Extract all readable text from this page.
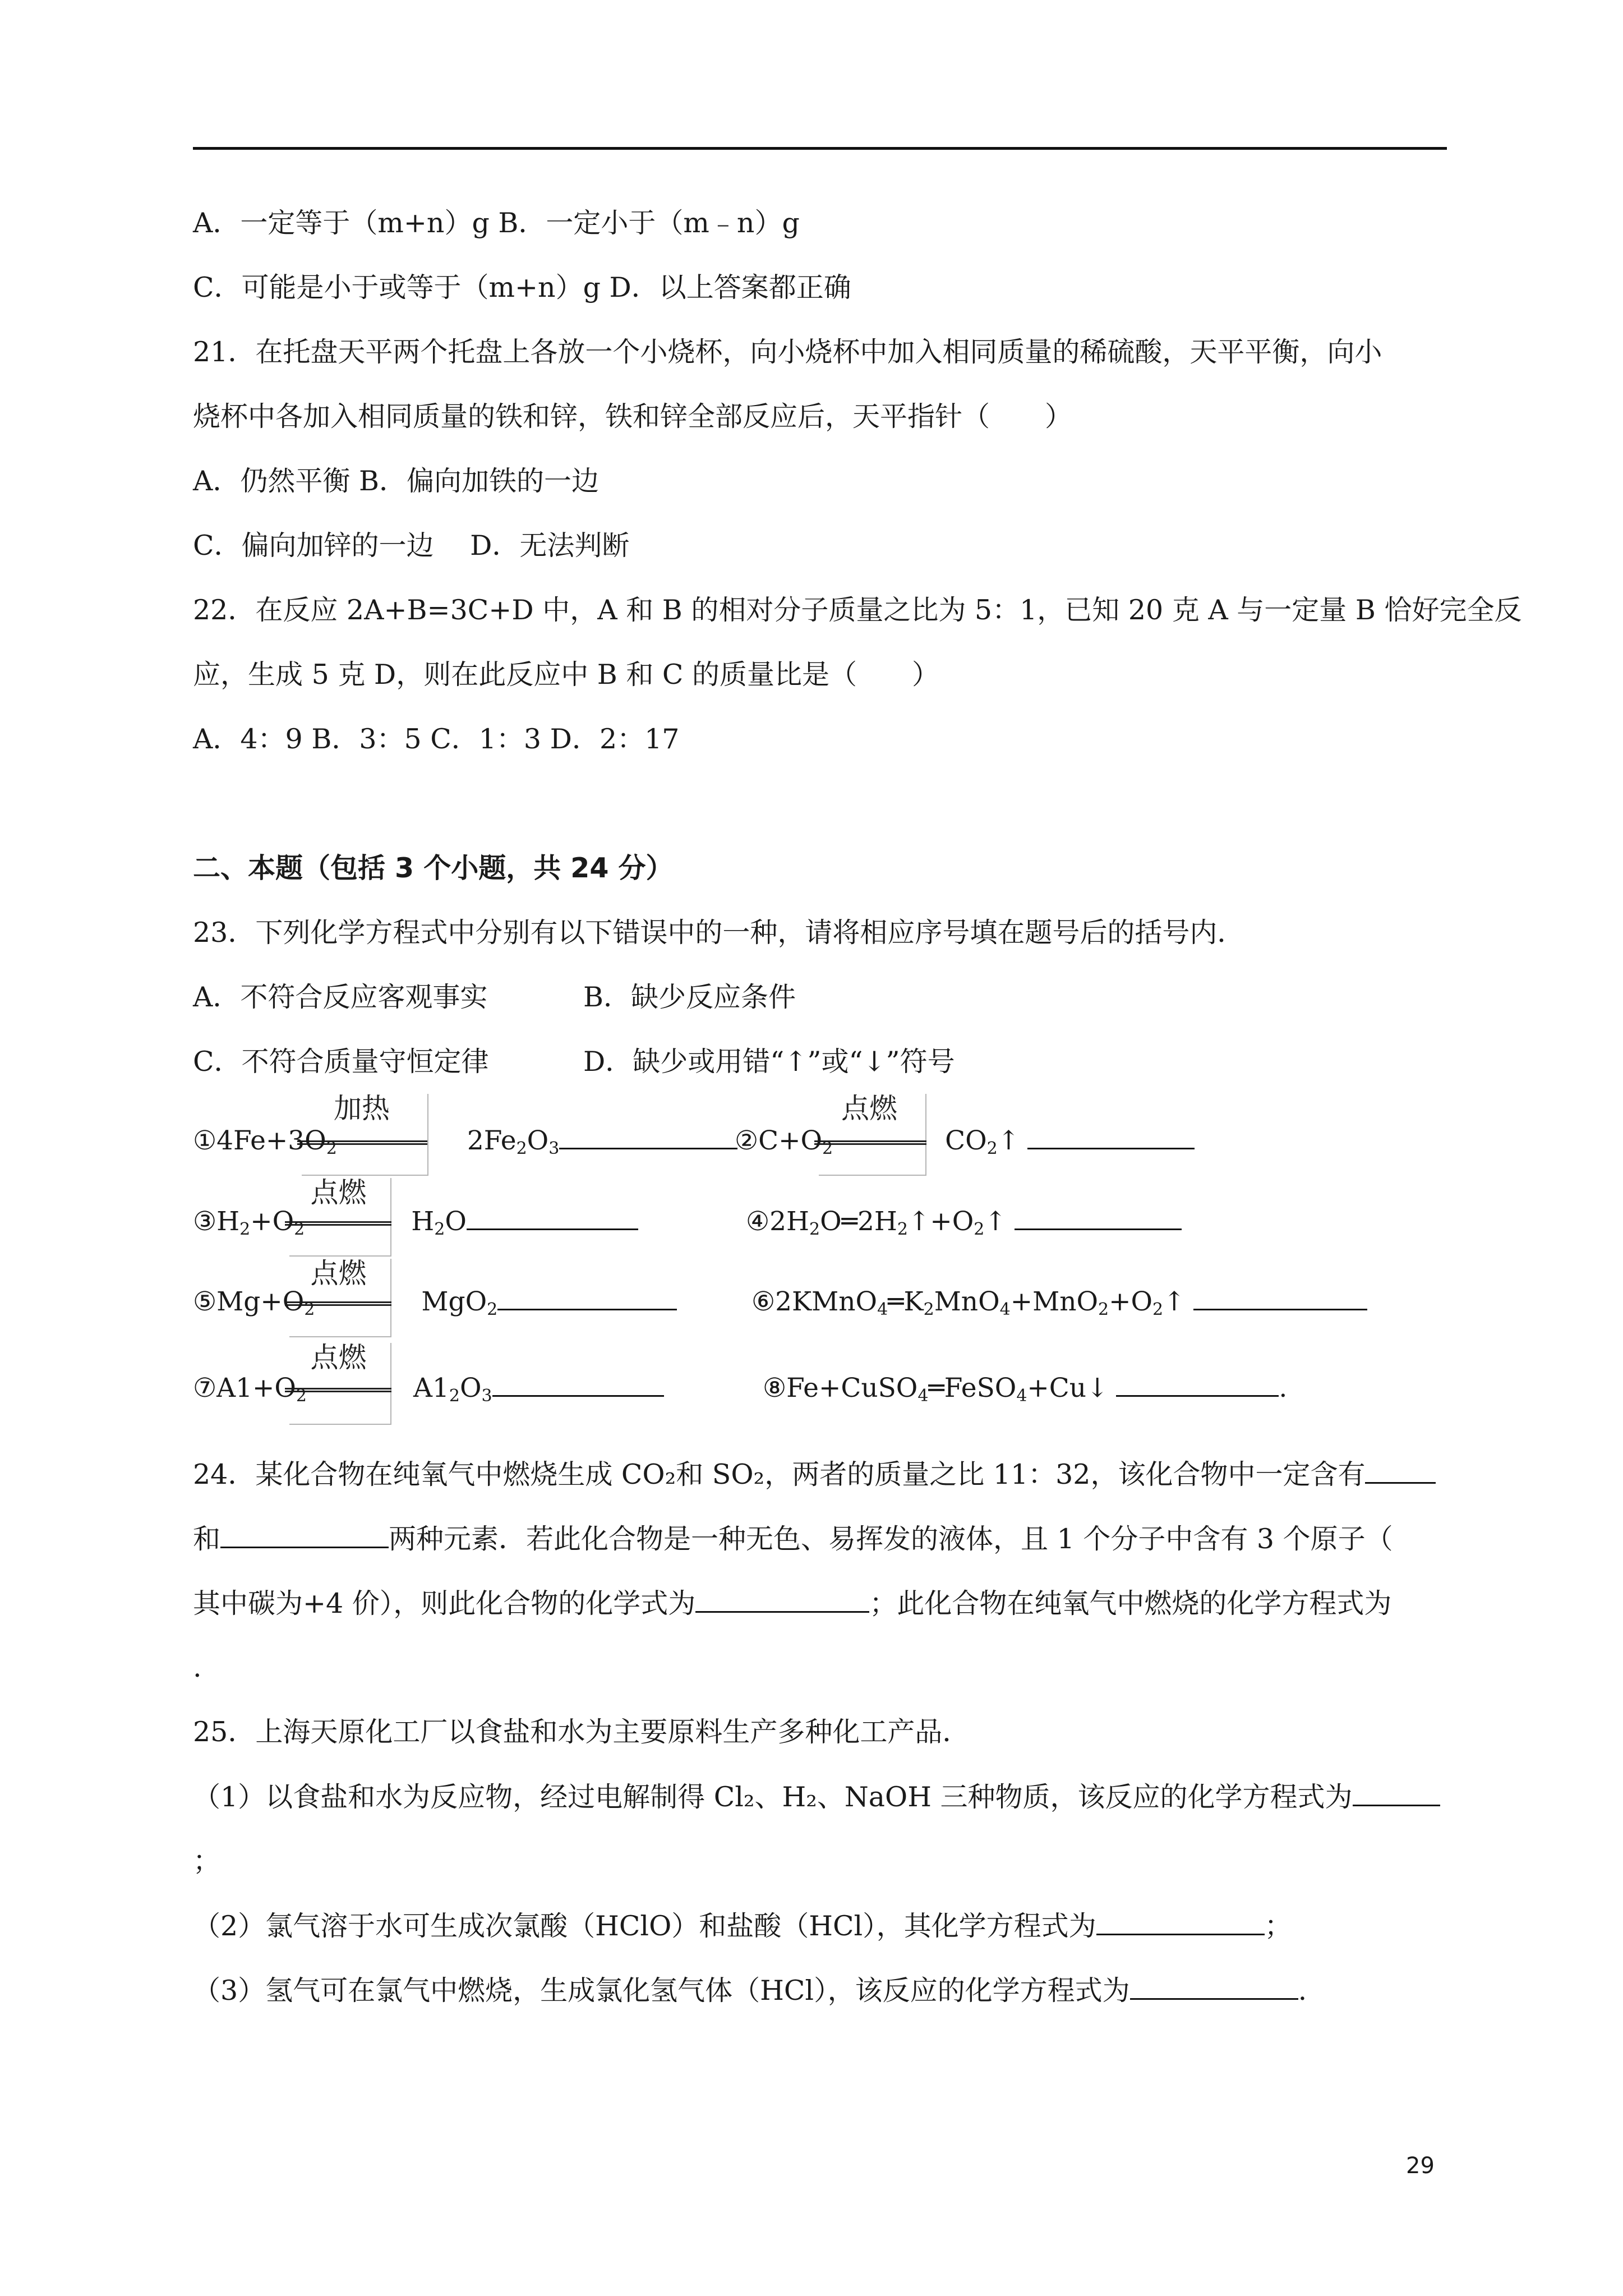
A．一定等于（m+n）g B．一定小于（m﹣n）g
C．可能是小于或等于（m+n）g D．以上答案都正确
21．在托盘天平两个托盘上各放一个小烧杯，向小烧杯中加入相同质量的稀硫酸，天平平衡，向小
烧杯中各加入相同质量的铁和锌，铁和锌全部反应后，天平指针（　　）
A．仍然平衡 B．偏向加铁的一边
C．偏向加锌的一边　 D．无法判断
22．在反应 2A+B=3C+D 中，A 和 B 的相对分子质量之比为 5：1，已知 20 克 A 与一定量 B 恰好完全反
应，生成 5 克 D，则在此反应中 B 和 C 的质量比是（　　）
A．4：9 B．3：5 C．1：3 D．2：17
二、本题（包括 3 个小题，共 24 分）
23．下列化学方程式中分别有以下错误中的一种，请将相应序号填在题号后的括号内．
A．不符合反应客观事实	B．缺少反应条件
C．不符合质量守恒定律	D．缺少或用错“↑”或“↓”符号
加热
$①4Fe+3O_2$	$2Fe_2O_3$
点燃
$②C+O_2$	$CO_2↑$
点燃
$③H_2+O_2$	$H_2O$	$④2H_2O═2H_2↑+O_2↑$
点燃
$⑤Mg+O_2$	MgO$_2$	$⑥2KMnO_4═K_2MnO_4+MnO_2+O_2↑$
点燃
$⑦A1+O_2$	$A1_2O_3$	⑧Fe+CuSO$_4$═FeSO$_4$+Cu↓	.
24．某化合物在纯氧气中燃烧生成 CO₂和 SO₂，两者的质量之比 11：32，该化合物中一定含有
和	两种元素．若此化合物是一种无色、易挥发的液体，且 1 个分子中含有 3 个原子（
其中碳为+4 价），则此化合物的化学式为	；此化合物在纯氧气中燃烧的化学方程式为
.
25．上海天原化工厂以食盐和水为主要原料生产多种化工产品．
（1）以食盐和水为反应物，经过电解制得 Cl₂、H₂、NaOH 三种物质，该反应的化学方程式为
；
（2）氯气溶于水可生成次氯酸（HClO）和盐酸（HCl），其化学方程式为	；
（3）氢气可在氯气中燃烧，生成氯化氢气体（HCl），该反应的化学方程式为	.
29
